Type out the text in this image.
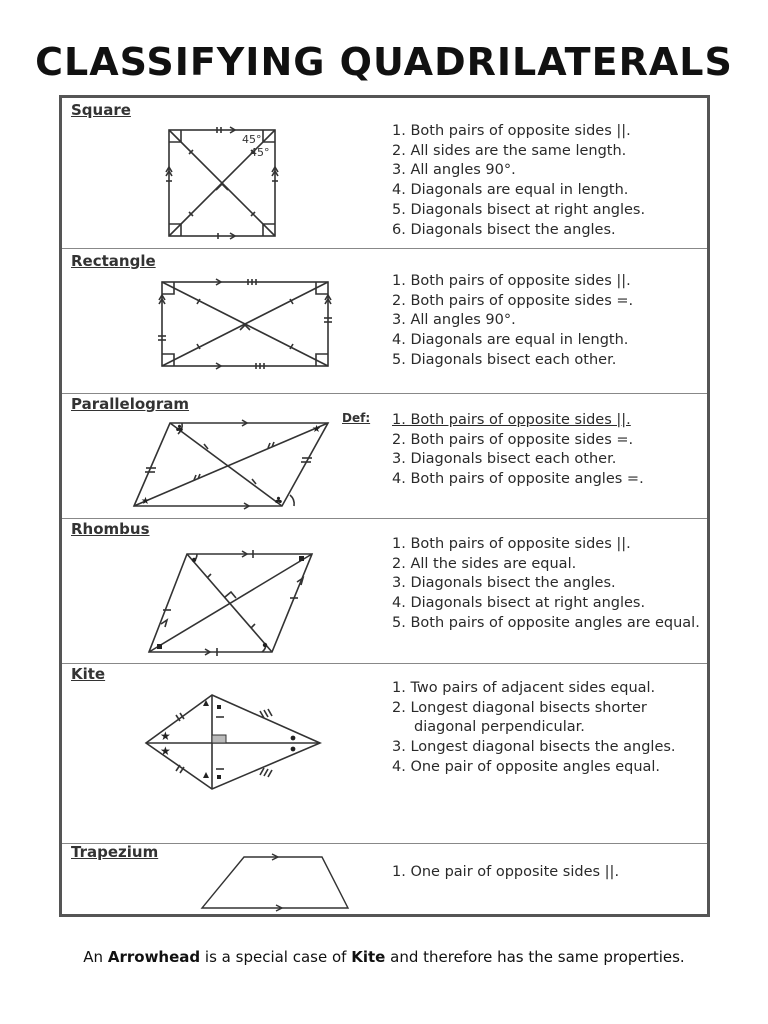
CLASSIFYING QUADRILATERALS
Square
45°
45°
1. Both pairs of opposite sides ||.
2. All sides are the same length.
3. All angles 90°.
4. Diagonals are equal in length.
5. Diagonals bisect at right angles.
6. Diagonals bisect the angles.
Rectangle
1. Both pairs of opposite sides ||.
2. Both pairs of opposite sides =.
3. All angles 90°.
4. Diagonals are equal in length.
5. Diagonals bisect each other.
Parallelogram
Def:
♣
♣
★
★
1. Both pairs of opposite sides ||.
2. Both pairs of opposite sides =.
3. Diagonals bisect each other.
4. Both pairs of opposite angles =.
Rhombus
1. Both pairs of opposite sides ||.
2. All the sides are equal.
3. Diagonals bisect the angles.
4. Diagonals bisect at right angles.
5. Both pairs of opposite angles are equal.
Kite
★
★
1. Two pairs of adjacent sides equal.
2. Longest diagonal bisects shorter diagonal perpendicular.
3. Longest diagonal bisects the angles.
4. One pair of opposite angles equal.
Trapezium
1. One pair of opposite sides ||.
An Arrowhead is a special case of Kite and therefore has the same properties.
